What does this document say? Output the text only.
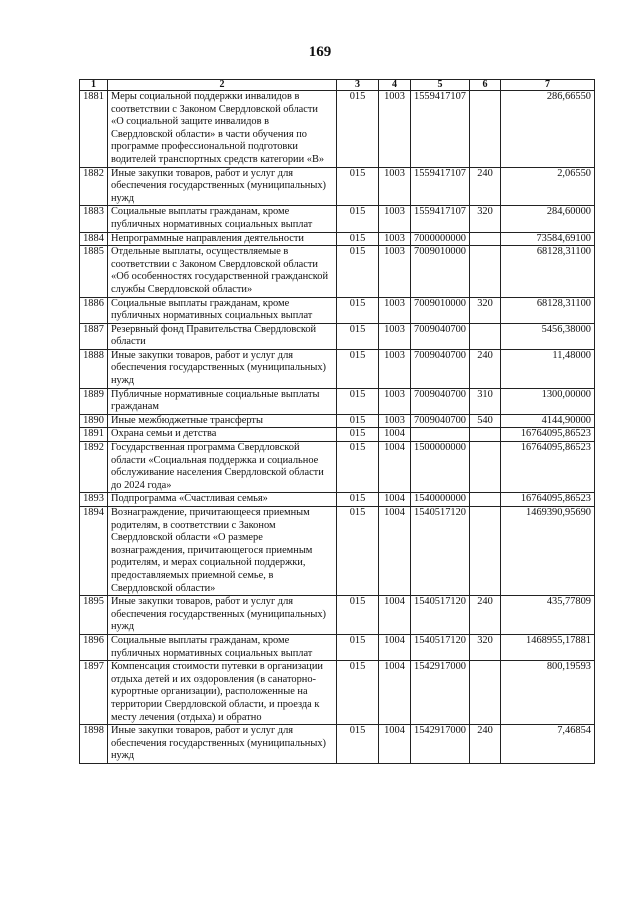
169
1	2	3	4	5	6	7
1881	Меры социальной поддержки инвалидов в соответствии с Законом Свердловской области «О социальной защите инвалидов в Свердловской области» в части обучения по программе профессиональной подготовки водителей транспортных средств категории «В»	015	1003	1559417107		286,66550
1882	Иные закупки товаров, работ и услуг для обеспечения государственных (муниципальных) нужд	015	1003	1559417107	240	2,06550
1883	Социальные выплаты гражданам, кроме публичных нормативных социальных выплат	015	1003	1559417107	320	284,60000
1884	Непрограммные направления деятельности	015	1003	7000000000		73584,69100
1885	Отдельные выплаты, осуществляемые в соответствии с Законом Свердловской области «Об особенностях государственной гражданской службы Свердловской области»	015	1003	7009010000		68128,31100
1886	Социальные выплаты гражданам, кроме публичных нормативных социальных выплат	015	1003	7009010000	320	68128,31100
1887	Резервный фонд Правительства Свердловской области	015	1003	7009040700		5456,38000
1888	Иные закупки товаров, работ и услуг для обеспечения государственных (муниципальных) нужд	015	1003	7009040700	240	11,48000
1889	Публичные нормативные социальные выплаты гражданам	015	1003	7009040700	310	1300,00000
1890	Иные межбюджетные трансферты	015	1003	7009040700	540	4144,90000
1891	Охрана семьи и детства	015	1004			16764095,86523
1892	Государственная программа Свердловской области «Социальная поддержка и социальное обслуживание населения Свердловской области до 2024 года»	015	1004	1500000000		16764095,86523
1893	Подпрограмма «Счастливая семья»	015	1004	1540000000		16764095,86523
1894	Вознаграждение, причитающееся приемным родителям, в соответствии с Законом Свердловской области «О размере вознаграждения, причитающегося приемным родителям, и мерах социальной поддержки, предоставляемых приемной семье, в Свердловской области»	015	1004	1540517120		1469390,95690
1895	Иные закупки товаров, работ и услуг для обеспечения государственных (муниципальных) нужд	015	1004	1540517120	240	435,77809
1896	Социальные выплаты гражданам, кроме публичных нормативных социальных выплат	015	1004	1540517120	320	1468955,17881
1897	Компенсация стоимости путевки в организации отдыха детей и их оздоровления (в санаторно-курортные организации), расположенные на территории Свердловской области, и проезда к месту лечения (отдыха) и обратно	015	1004	1542917000		800,19593
1898	Иные закупки товаров, работ и услуг для обеспечения государственных (муниципальных) нужд	015	1004	1542917000	240	7,46854
